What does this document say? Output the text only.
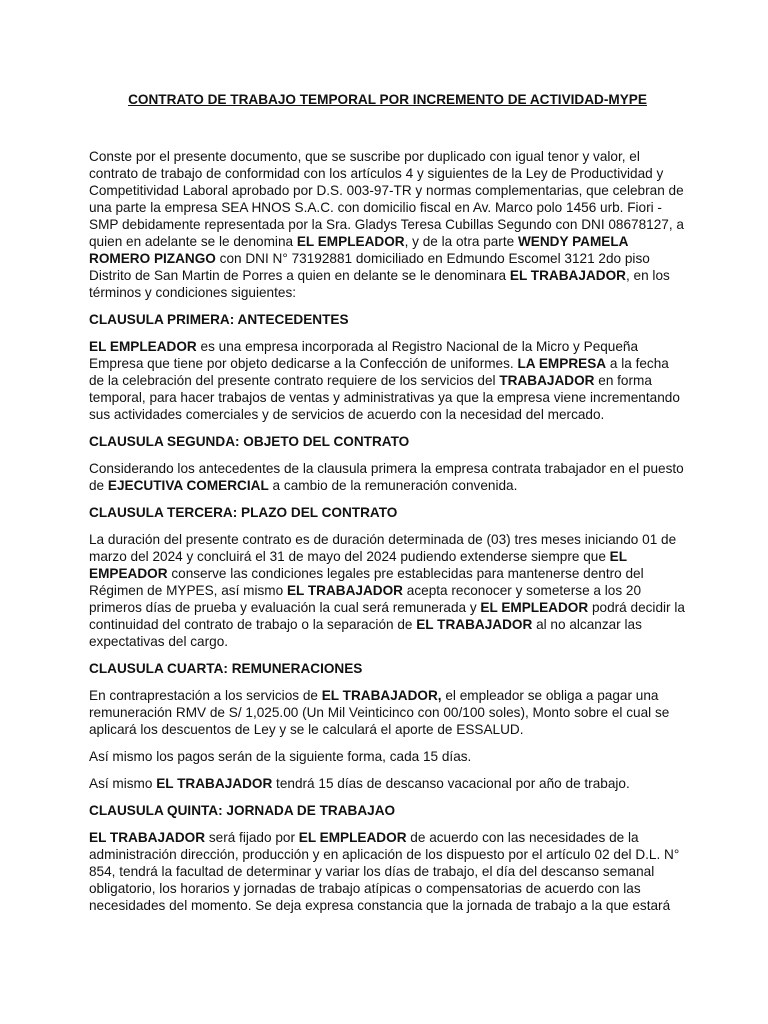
CONTRATO DE TRABAJO TEMPORAL POR INCREMENTO DE ACTIVIDAD-MYPE

Conste por el presente documento, que se suscribe por duplicado con igual tenor y valor, el contrato de trabajo de conformidad con los artículos 4 y siguientes de la Ley de Productividad y Competitividad Laboral aprobado por D.S. 003-97-TR y normas complementarias, que celebran de una parte la empresa SEA HNOS S.A.C. con domicilio fiscal en Av. Marco polo 1456 urb. Fiori -SMP debidamente representada por la Sra. Gladys Teresa Cubillas Segundo con DNI 08678127, a quien en adelante se le denomina EL EMPLEADOR, y de la otra parte WENDY PAMELA ROMERO PIZANGO con DNI N° 73192881 domiciliado en Edmundo Escomel 3121 2do piso Distrito de San Martin de Porres a quien en delante se le denominara EL TRABAJADOR, en los términos y condiciones siguientes:

CLAUSULA PRIMERA: ANTECEDENTES

EL EMPLEADOR es una empresa incorporada al Registro Nacional de la Micro y Pequeña Empresa que tiene por objeto dedicarse a la Confección de uniformes. LA EMPRESA a la fecha de la celebración del presente contrato requiere de los servicios del TRABAJADOR en forma temporal, para hacer trabajos de ventas y administrativas ya que la empresa viene incrementando sus actividades comerciales y de servicios de acuerdo con la necesidad del mercado.

CLAUSULA SEGUNDA: OBJETO DEL CONTRATO

Considerando los antecedentes de la clausula primera la empresa contrata trabajador en el puesto de EJECUTIVA COMERCIAL a cambio de la remuneración convenida.

CLAUSULA TERCERA: PLAZO DEL CONTRATO

La duración del presente contrato es de duración determinada de (03) tres meses iniciando 01 de marzo del 2024 y concluirá el 31 de mayo del 2024 pudiendo extenderse siempre que EL EMPEADOR conserve las condiciones legales pre establecidas para mantenerse dentro del Régimen de MYPES, así mismo EL TRABAJADOR acepta reconocer y someterse a los 20 primeros días de prueba y evaluación la cual será remunerada y EL EMPLEADOR podrá decidir la continuidad del contrato de trabajo o la separación de EL TRABAJADOR al no alcanzar las expectativas del cargo.

CLAUSULA CUARTA: REMUNERACIONES

En contraprestación a los servicios de EL TRABAJADOR, el empleador se obliga a pagar una remuneración RMV de S/ 1,025.00 (Un Mil Veinticinco con 00/100 soles), Monto sobre el cual se aplicará los descuentos de Ley y se le calculará el aporte de ESSALUD.

Así mismo los pagos serán de la siguiente forma, cada 15 días.

Así mismo EL TRABAJADOR tendrá 15 días de descanso vacacional por año de trabajo.

CLAUSULA QUINTA: JORNADA DE TRABAJAO

EL TRABAJADOR será fijado por EL EMPLEADOR de acuerdo con las necesidades de la administración dirección, producción y en aplicación de los dispuesto por el artículo 02 del D.L. N° 854, tendrá la facultad de determinar y variar los días de trabajo, el día del descanso semanal obligatorio, los horarios y jornadas de trabajo atípicas o compensatorias de acuerdo con las necesidades del momento. Se deja expresa constancia que la jornada de trabajo a la que estará
